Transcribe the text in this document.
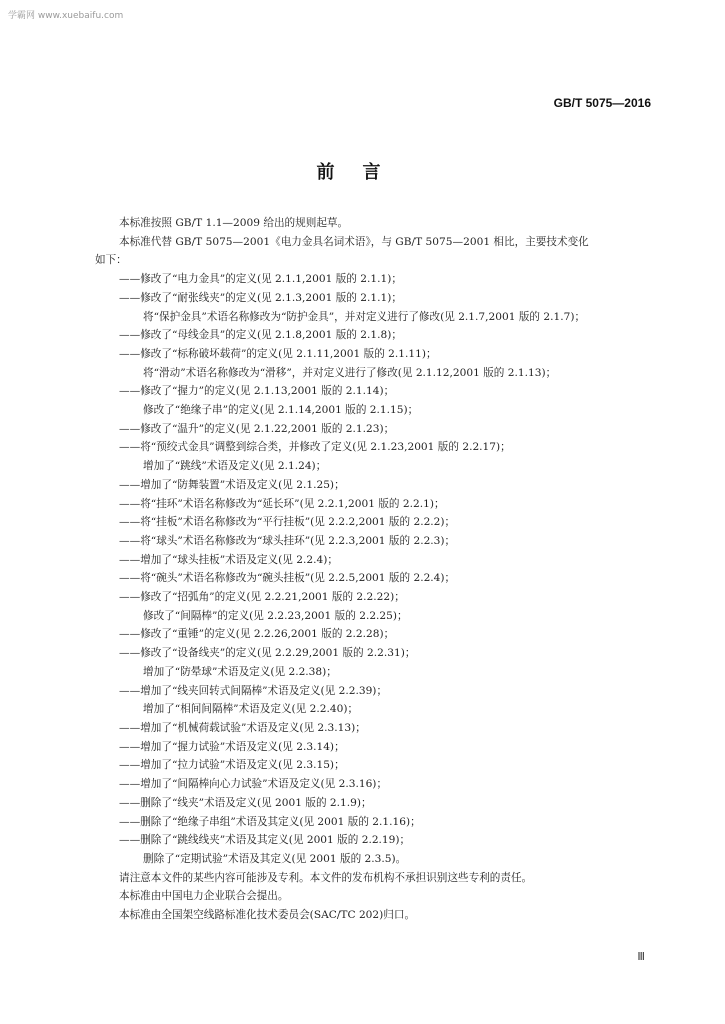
学霸网 www.xuebaifu.com
GB/T 5075—2016
前言
本标准按照 GB/T 1.1—2009 给出的规则起草。
本标准代替 GB/T 5075—2001《电力金具名词术语》，与 GB/T 5075—2001 相比，主要技术变化
如下：
——修改了“电力金具”的定义(见 2.1.1,2001 版的 2.1.1)；
——修改了“耐张线夹”的定义(见 2.1.3,2001 版的 2.1.1)；
将“保护金具”术语名称修改为“防护金具”，并对定义进行了修改(见 2.1.7,2001 版的 2.1.7)；
——修改了“母线金具”的定义(见 2.1.8,2001 版的 2.1.8)；
——修改了“标称破坏载荷”的定义(见 2.1.11,2001 版的 2.1.11)；
将“滑动”术语名称修改为“滑移”，并对定义进行了修改(见 2.1.12,2001 版的 2.1.13)；
——修改了“握力”的定义(见 2.1.13,2001 版的 2.1.14)；
修改了“绝缘子串”的定义(见 2.1.14,2001 版的 2.1.15)；
——修改了“温升”的定义(见 2.1.22,2001 版的 2.1.23)；
——将“预绞式金具”调整到综合类，并修改了定义(见 2.1.23,2001 版的 2.2.17)；
增加了“跳线”术语及定义(见 2.1.24)；
——增加了“防舞装置”术语及定义(见 2.1.25)；
——将“挂环”术语名称修改为“延长环”(见 2.2.1,2001 版的 2.2.1)；
——将“挂板”术语名称修改为“平行挂板”(见 2.2.2,2001 版的 2.2.2)；
——将“球头”术语名称修改为“球头挂环”(见 2.2.3,2001 版的 2.2.3)；
——增加了“球头挂板”术语及定义(见 2.2.4)；
——将“碗头”术语名称修改为“碗头挂板”(见 2.2.5,2001 版的 2.2.4)；
——修改了“招弧角”的定义(见 2.2.21,2001 版的 2.2.22)；
修改了“间隔棒”的定义(见 2.2.23,2001 版的 2.2.25)；
——修改了“重锤”的定义(见 2.2.26,2001 版的 2.2.28)；
——修改了“设备线夹”的定义(见 2.2.29,2001 版的 2.2.31)；
增加了“防晕球”术语及定义(见 2.2.38)；
——增加了“线夹回转式间隔棒”术语及定义(见 2.2.39)；
增加了“相间间隔棒”术语及定义(见 2.2.40)；
——增加了“机械荷载试验”术语及定义(见 2.3.13)；
——增加了“握力试验”术语及定义(见 2.3.14)；
——增加了“拉力试验”术语及定义(见 2.3.15)；
——增加了“间隔棒向心力试验”术语及定义(见 2.3.16)；
——删除了“线夹”术语及定义(见 2001 版的 2.1.9)；
——删除了“绝缘子串组”术语及其定义(见 2001 版的 2.1.16)；
——删除了“跳线线夹”术语及其定义(见 2001 版的 2.2.19)；
删除了“定期试验”术语及其定义(见 2001 版的 2.3.5)。
请注意本文件的某些内容可能涉及专利。本文件的发布机构不承担识别这些专利的责任。
本标准由中国电力企业联合会提出。
本标准由全国架空线路标准化技术委员会(SAC/TC 202)归口。
Ⅲ
